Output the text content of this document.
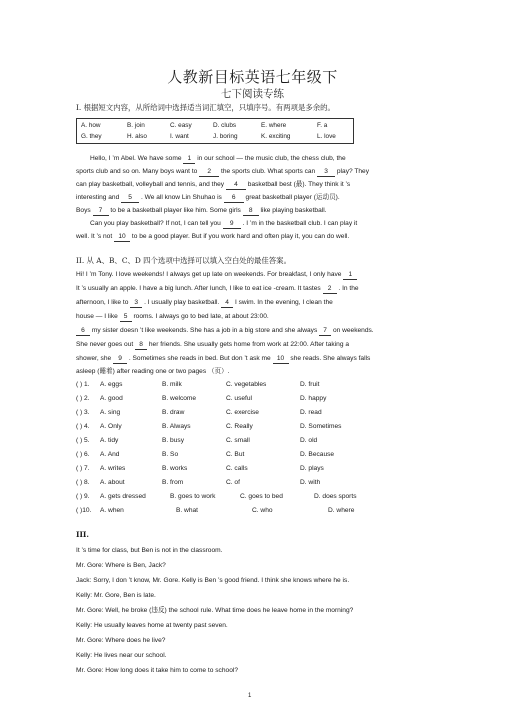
人教新目标英语七年级下
七下阅读专练
I. 根据短文内容，从所给词中选择适当词汇填空，只填序号。有两项是多余的。
A. how	B. join	C. easy	D. clubs	E. where	F. a
G. they	H. also	I. want	J. boring	K. exciting	L. love
Hello, I ’m Abel. We have some 1 in our school — the music club, the chess club, the
sports club and so on. Many boys want to 2 the sports club. What sports can 3 play? They
can play basketball, volleyball and tennis, and they 4 basketball best (最). They think it ’s
interesting and 5 . We all know Lin Shuhao is 6 great basketball player (运动员).
Boys 7 to be a basketball player like him. Some girls 8 like playing basketball.
Can you play basketball? If not, I can tell you 9 . I ’m in the basketball club. I can play it
well. It ’s not 10 to be a good player. But if you work hard and often play it, you can do well.
II. 从 A、B、C、D 四个选项中选择可以填入空白处的最佳答案。
Hi! I ’m Tony. I love weekends! I always get up late on weekends. For breakfast, I only have 1
It ’s usually an apple. I have a big lunch. After lunch, I like to eat ice -cream. It tastes 2 . In the
afternoon, I like to 3 . I usually play basketball. 4 I swim. In the evening, I clean the
house — I like 5 rooms. I always go to bed late, at about 23:00.
6 my sister doesn ’t like weekends. She has a job in a big store and she always 7 on weekends.
She never goes out 8 her friends. She usually gets home from work at 22:00. After taking a
shower, she 9 . Sometimes she reads in bed. But don ’t ask me 10 she reads. She always falls
asleep (睡着) after reading one or two pages （页）.
( ) 1. A. eggs	B. milk	C. vegetables	D. fruit
( ) 2. A. good	B. welcome	C. useful	D. happy
( ) 3. A. sing	B. draw	C. exercise	D. read
( ) 4. A. Only	B. Always	C. Really	D. Sometimes
( ) 5. A. tidy	B. busy	C. small	D. old
( ) 6. A. And	B. So	C. But	D. Because
( ) 7. A. writes	B. works	C. calls	D. plays
( ) 8. A. about	B. from	C. of	D. with
( ) 9. A. gets dressed	B. goes to work	C. goes to bed	D. does sports
( )10. A. when	B. what	C. who	D. where
III.
It ’s time for class, but Ben is not in the classroom.
Mr. Gore: Where is Ben, Jack?
Jack: Sorry, I don ’t know, Mr. Gore. Kelly is Ben ’s good friend. I think she knows where he is.
Kelly: Mr. Gore, Ben is late.
Mr. Gore: Well, he broke (违反) the school rule. What time does he leave home in the morning?
Kelly: He usually leaves home at twenty past seven.
Mr. Gore: Where does he live?
Kelly: He lives near our school.
Mr. Gore: How long does it take him to come to school?
1
